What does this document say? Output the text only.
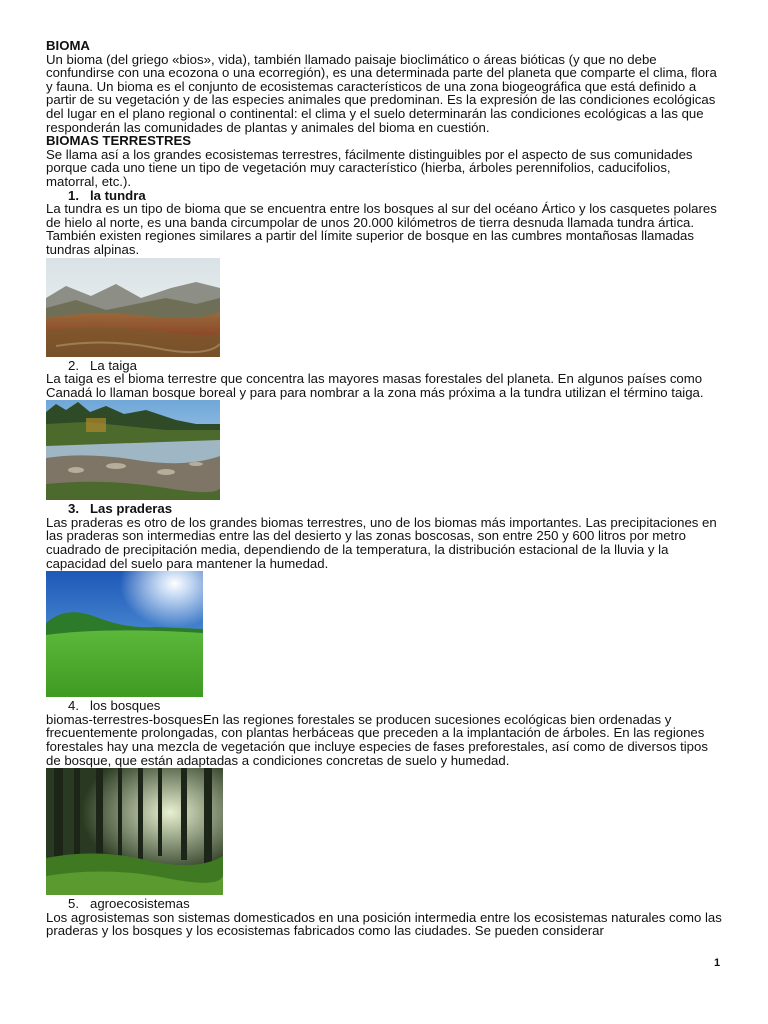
BIOMA

Un bioma (del griego «bios», vida), también llamado paisaje bioclimático o áreas bióticas (y que no debe confundirse con una ecozona o una ecorregión), es una determinada parte del planeta que comparte el clima, flora y fauna. Un bioma es el conjunto de ecosistemas característicos de una zona biogeográfica que está definido a partir de su vegetación y de las especies animales que predominan. Es la expresión de las condiciones ecológicas del lugar en el plano regional o continental: el clima y el suelo determinarán las condiciones ecológicas a las que responderán las comunidades de plantas y animales del bioma en cuestión.

BIOMAS TERRESTRES

Se llama así a los grandes ecosistemas terrestres, fácilmente distinguibles por el aspecto de sus comunidades porque cada uno tiene un tipo de vegetación muy característico (hierba, árboles perennifolios, caducifolios, matorral, etc.).

1. la tundra

La tundra es un tipo de bioma que se encuentra entre los bosques al sur del océano Ártico y los casquetes polares de hielo al norte, es una banda circumpolar de unos 20.000 kilómetros de tierra desnuda llamada tundra ártica. También existen regiones similares a partir del límite superior de bosque en las cumbres montañosas llamadas tundras alpinas.

2. La taiga

La taiga es el bioma terrestre que concentra las mayores masas forestales del planeta. En algunos países como Canadá lo llaman bosque boreal y para para nombrar a la zona más próxima a la tundra utilizan el término taiga.

3. Las praderas

Las praderas es otro de los grandes biomas terrestres, uno de los biomas más importantes. Las precipitaciones en las praderas son intermedias entre las del desierto y las zonas boscosas, son entre 250 y 600 litros por metro cuadrado de precipitación media, dependiendo de la temperatura, la distribución estacional de la lluvia y la capacidad del suelo para mantener la humedad.

4. los bosques

biomas-terrestres-bosquesEn las regiones forestales se producen sucesiones ecológicas bien ordenadas y frecuentemente prolongadas, con plantas herbáceas que preceden a la implantación de árboles. En las regiones forestales hay una mezcla de vegetación que incluye especies de fases preforestales, así como de diversos tipos de bosque, que están adaptadas a condiciones concretas de suelo y humedad.

5. agroecosistemas

Los agrosistemas son sistemas domesticados en una posición intermedia entre los ecosistemas naturales como las praderas y los bosques y los ecosistemas fabricados como las ciudades. Se pueden considerar

1
